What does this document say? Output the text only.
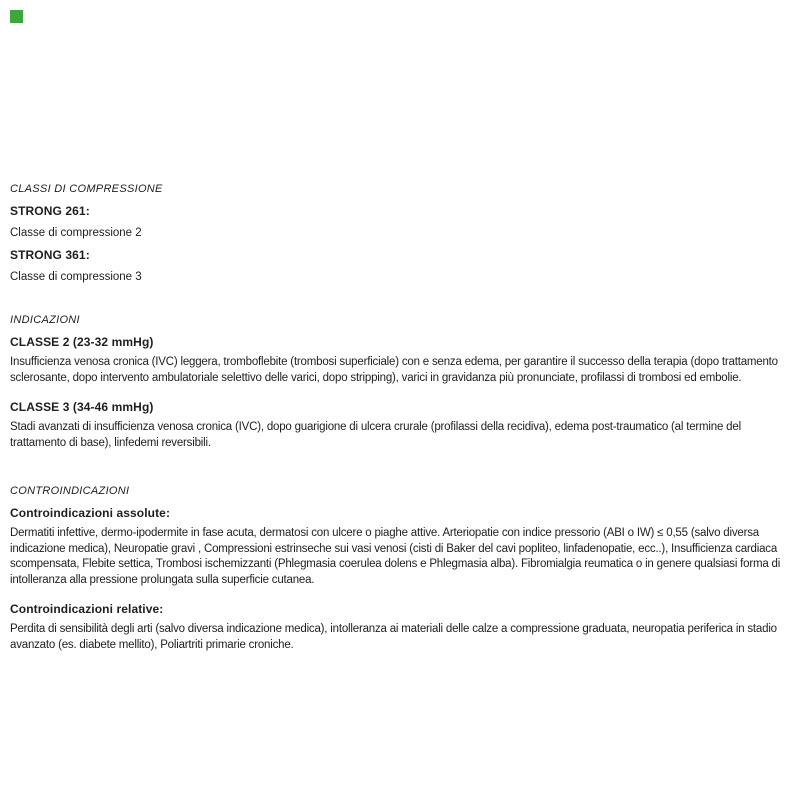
CLASSI DI COMPRESSIONE
STRONG 261:
Classe di compressione 2
STRONG 361:
Classe di compressione 3
INDICAZIONI
CLASSE 2 (23-32 mmHg)
Insufficienza venosa cronica (IVC) leggera, tromboflebite (trombosi superficiale) con e senza edema, per garantire il successo della terapia (dopo trattamento sclerosante, dopo intervento ambulatoriale selettivo delle varici, dopo stripping), varici in gravidanza più pronunciate, profilassi di trombosi ed embolie.
CLASSE 3 (34-46 mmHg)
Stadi avanzati di insufficienza venosa cronica (IVC), dopo guarigione di ulcera crurale (profilassi della recidiva), edema post-traumatico (al termine del trattamento di base), linfedemi reversibili.
CONTROINDICAZIONI
Controindicazioni assolute:
Dermatiti infettive, dermo-ipodermite in fase acuta, dermatosi con ulcere o piaghe attive. Arteriopatie con indice pressorio (ABI o IW) ≤ 0,55 (salvo diversa indicazione medica), Neuropatie gravi , Compressioni estrinseche sui vasi venosi (cisti di Baker del cavi popliteo, linfadenopatie, ecc..), Insufficienza cardiaca scompensata, Flebite settica, Trombosi ischemizzanti (Phlegmasia coerulea dolens e Phlegmasia alba). Fibromialgia reumatica o in genere qualsiasi forma di intolleranza alla pressione prolungata sulla superficie cutanea.
Controindicazioni relative:
Perdita di sensibilità degli arti (salvo diversa indicazione medica), intolleranza ai materiali delle calze a compressione graduata, neuropatia periferica in stadio avanzato (es. diabete mellito), Poliartriti primarie croniche.
